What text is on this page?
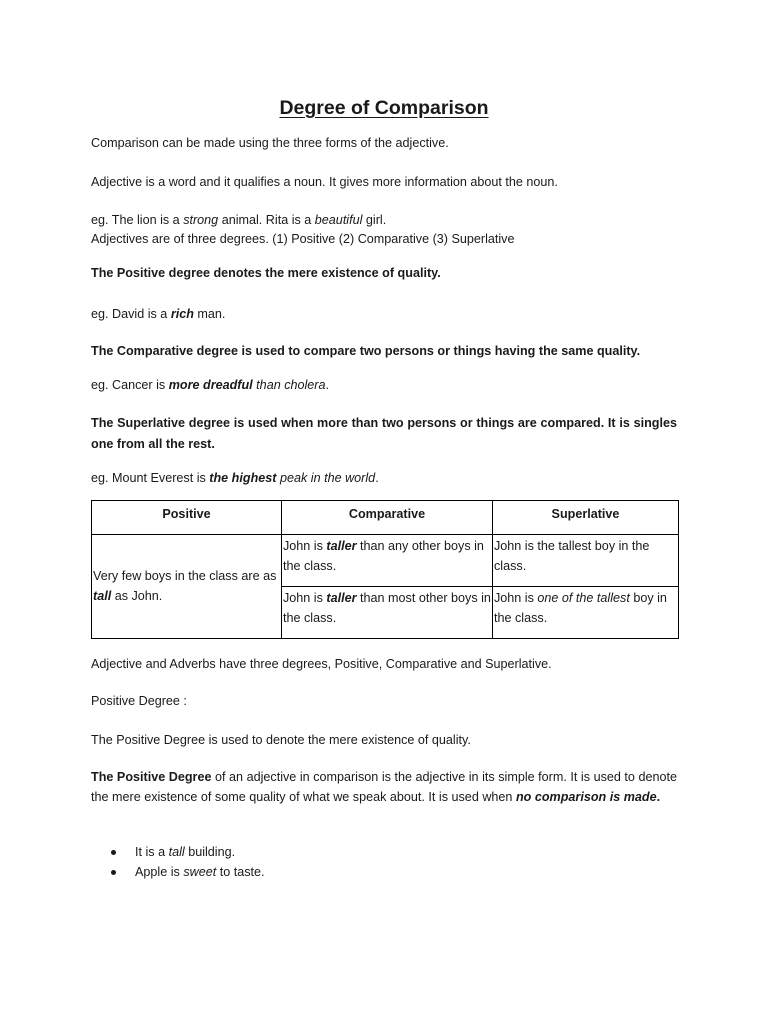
Degree of Comparison

Comparison can be made using the three forms of the adjective.

Adjective is a word and it qualifies a noun. It gives more information about the noun.

eg. The lion is a strong animal. Rita is a beautiful girl.

Adjectives are of three degrees. (1) Positive (2) Comparative (3) Superlative

The Positive degree denotes the mere existence of quality.

eg. David is a rich man.

The Comparative degree is used to compare two persons or things having the same quality.

eg. Cancer is more dreadful than cholera.

The Superlative degree is used when more than two persons or things are compared. It is singles one from all the rest.

eg. Mount Everest is the highest peak in the world.

Positive	Comparative	Superlative
Very few boys in the class are as tall as John.	John is taller than any other boys in the class.	John is the tallest boy in the class.
	John is taller than most other boys in the class.	John is one of the tallest boy in the class.

Adjective and Adverbs have three degrees, Positive, Comparative and Superlative.

Positive Degree :

The Positive Degree is used to denote the mere existence of quality.

The Positive Degree of an adjective in comparison is the adjective in its simple form. It is used to denote the mere existence of some quality of what we speak about. It is used when no comparison is made.

It is a tall building.
Apple is sweet to taste.
